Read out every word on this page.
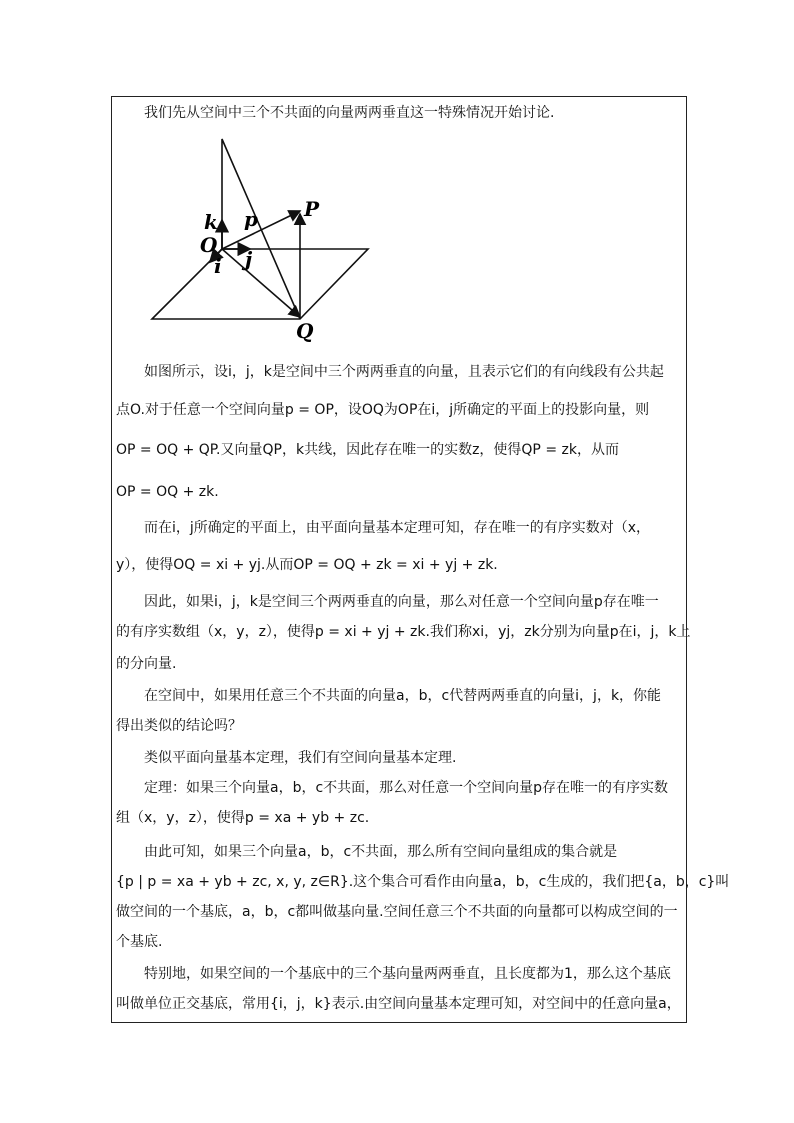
我们先从空间中三个不共面的向量两两垂直这一特殊情况开始讨论.
P
Q
O
k p
i j
如图所示，设i，j，k是空间中三个两两垂直的向量，且表示它们的有向线段有公共起
点O.对于任意一个空间向量p = OP，设OQ为OP在i，j所确定的平面上的投影向量，则
OP = OQ + QP.又向量QP，k共线，因此存在唯一的实数z，使得QP = zk，从而
OP = OQ + zk.
而在i，j所确定的平面上，由平面向量基本定理可知，存在唯一的有序实数对（x，
y），使得OQ = xi + yj.从而OP = OQ + zk = xi + yj + zk.
因此，如果i，j，k是空间三个两两垂直的向量，那么对任意一个空间向量p存在唯一
的有序实数组（x，y，z），使得p = xi + yj + zk.我们称xi，yj，zk分别为向量p在i，j，k上
的分向量.
在空间中，如果用任意三个不共面的向量a，b，c代替两两垂直的向量i，j，k，你能
得出类似的结论吗？
类似平面向量基本定理，我们有空间向量基本定理.
定理：如果三个向量a，b，c不共面，那么对任意一个空间向量p存在唯一的有序实数
组（x，y，z），使得p = xa + yb + zc.
由此可知，如果三个向量a，b，c不共面，那么所有空间向量组成的集合就是
{p | p = xa + yb + zc, x, y, z∈R}.这个集合可看作由向量a，b，c生成的，我们把{a，b，c}叫
做空间的一个基底，a，b，c都叫做基向量.空间任意三个不共面的向量都可以构成空间的一
个基底.
特别地，如果空间的一个基底中的三个基向量两两垂直，且长度都为1，那么这个基底
叫做单位正交基底，常用{i，j，k}表示.由空间向量基本定理可知，对空间中的任意向量a，
